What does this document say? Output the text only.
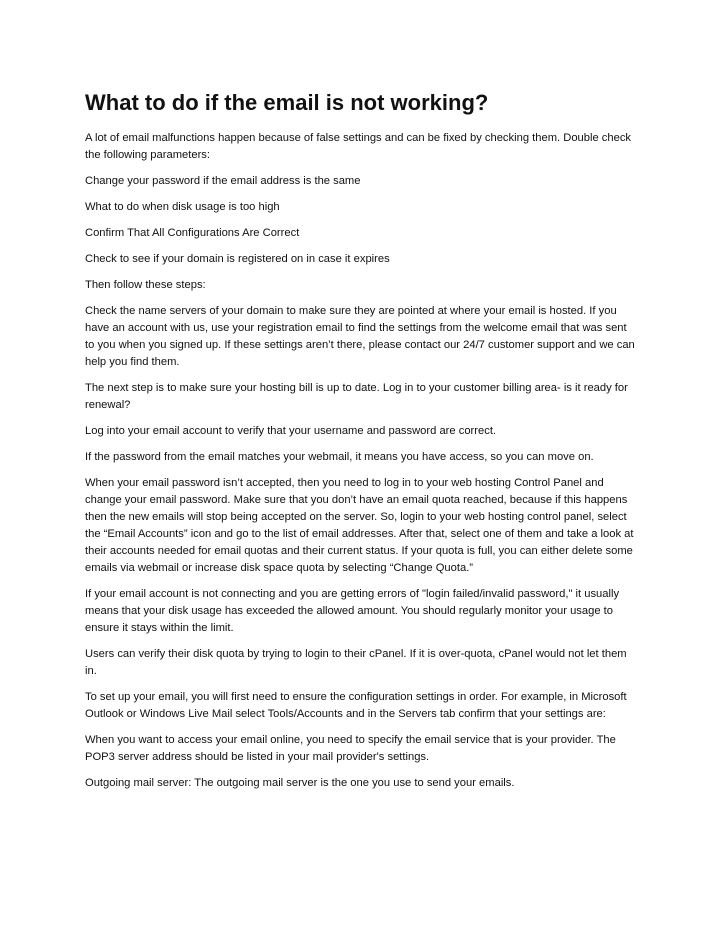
What to do if the email is not working?

A lot of email malfunctions happen because of false settings and can be fixed by checking them. Double check the following parameters:

Change your password if the email address is the same

What to do when disk usage is too high

Confirm That All Configurations Are Correct

Check to see if your domain is registered on in case it expires

Then follow these steps:

Check the name servers of your domain to make sure they are pointed at where your email is hosted. If you have an account with us, use your registration email to find the settings from the welcome email that was sent to you when you signed up. If these settings aren’t there, please contact our 24/7 customer support and we can help you find them.

The next step is to make sure your hosting bill is up to date. Log in to your customer billing area- is it ready for renewal?

Log into your email account to verify that your username and password are correct.

If the password from the email matches your webmail, it means you have access, so you can move on.

When your email password isn’t accepted, then you need to log in to your web hosting Control Panel and change your email password. Make sure that you don’t have an email quota reached, because if this happens then the new emails will stop being accepted on the server. So, login to your web hosting control panel, select the “Email Accounts” icon and go to the list of email addresses. After that, select one of them and take a look at their accounts needed for email quotas and their current status. If your quota is full, you can either delete some emails via webmail or increase disk space quota by selecting “Change Quota.”

If your email account is not connecting and you are getting errors of "login failed/invalid password," it usually means that your disk usage has exceeded the allowed amount. You should regularly monitor your usage to ensure it stays within the limit.

Users can verify their disk quota by trying to login to their cPanel. If it is over-quota, cPanel would not let them in.

To set up your email, you will first need to ensure the configuration settings in order. For example, in Microsoft Outlook or Windows Live Mail select Tools/Accounts and in the Servers tab confirm that your settings are:

When you want to access your email online, you need to specify the email service that is your provider. The POP3 server address should be listed in your mail provider's settings.

Outgoing mail server: The outgoing mail server is the one you use to send your emails.
